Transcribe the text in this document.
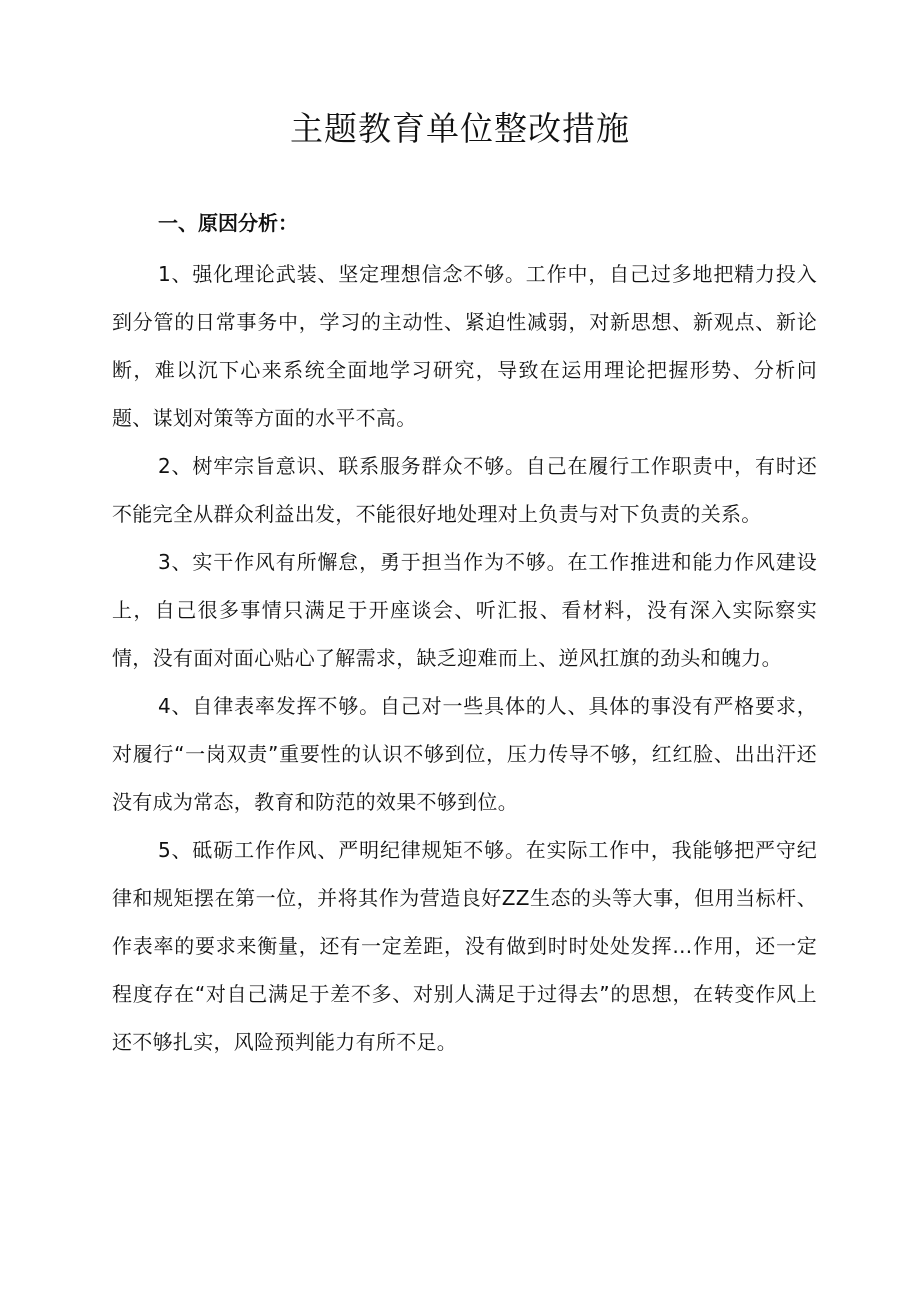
主题教育单位整改措施
一、原因分析：

1、强化理论武装、坚定理想信念不够。工作中，自己过多地把精力投入到分管的日常事务中，学习的主动性、紧迫性减弱，对新思想、新观点、新论断，难以沉下心来系统全面地学习研究，导致在运用理论把握形势、分析问题、谋划对策等方面的水平不高。

2、树牢宗旨意识、联系服务群众不够。自己在履行工作职责中，有时还不能完全从群众利益出发，不能很好地处理对上负责与对下负责的关系。

3、实干作风有所懈怠，勇于担当作为不够。在工作推进和能力作风建设上，自己很多事情只满足于开座谈会、听汇报、看材料，没有深入实际察实情，没有面对面心贴心了解需求，缺乏迎难而上、逆风扛旗的劲头和魄力。

4、自律表率发挥不够。自己对一些具体的人、具体的事没有严格要求，对履行“一岗双责”重要性的认识不够到位，压力传导不够，红红脸、出出汗还没有成为常态，教育和防范的效果不够到位。

5、砥砺工作作风、严明纪律规矩不够。在实际工作中，我能够把严守纪律和规矩摆在第一位，并将其作为营造良好ZZ生态的头等大事，但用当标杆、作表率的要求来衡量，还有一定差距，没有做到时时处处发挥…作用，还一定程度存在“对自己满足于差不多、对别人满足于过得去”的思想，在转变作风上还不够扎实，风险预判能力有所不足。
